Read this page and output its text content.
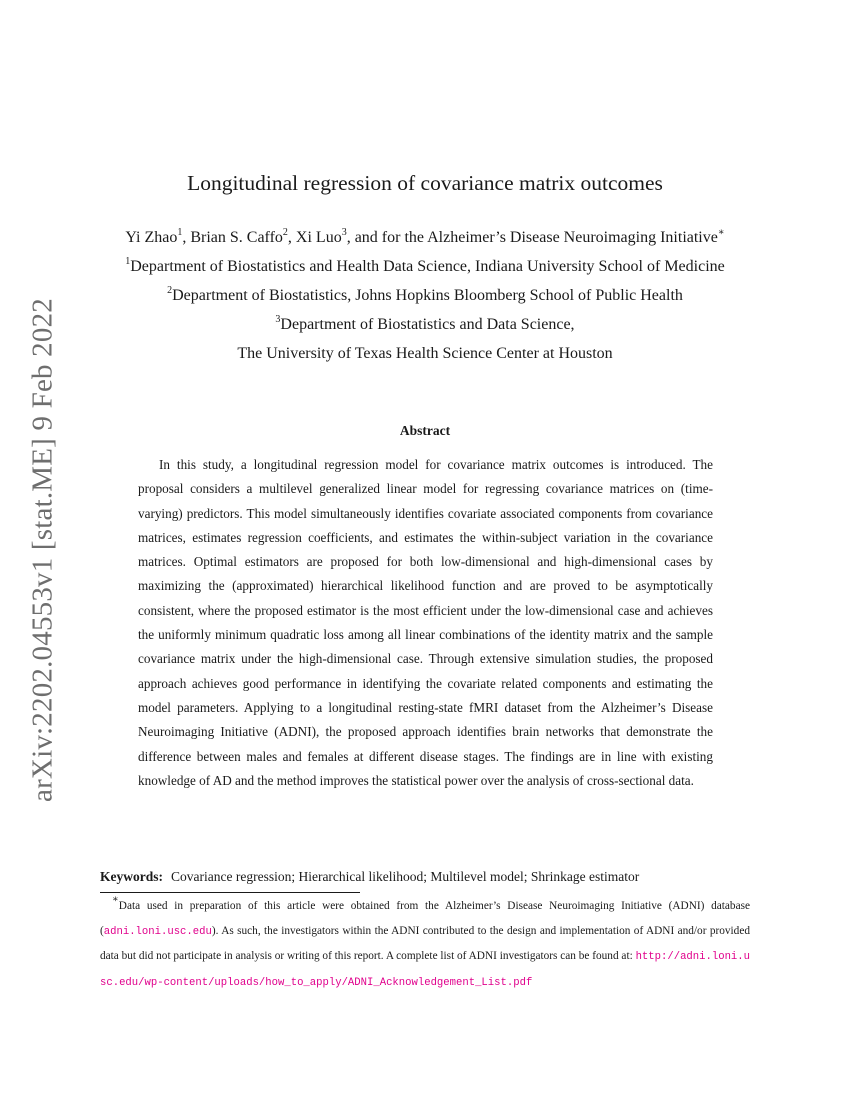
arXiv:2202.04553v1 [stat.ME] 9 Feb 2022
Longitudinal regression of covariance matrix outcomes
Yi Zhao$^1$, Brian S. Caffo$^2$, Xi Luo$^3$, and for the Alzheimer’s Disease Neuroimaging Initiative∗
$^1$Department of Biostatistics and Health Data Science, Indiana University School of Medicine
$^2$Department of Biostatistics, Johns Hopkins Bloomberg School of Public Health
$^3$Department of Biostatistics and Data Science,
The University of Texas Health Science Center at Houston
Abstract

In this study, a longitudinal regression model for covariance matrix outcomes is introduced. The proposal considers a multilevel generalized linear model for regressing covariance matrices on (time-varying) predictors. This model simultaneously identifies covariate associated components from covariance matrices, estimates regression coefficients, and estimates the within-subject variation in the covariance matrices. Optimal estimators are proposed for both low-dimensional and high-dimensional cases by maximizing the (approximated) hierarchical likelihood function and are proved to be asymptotically consistent, where the proposed estimator is the most efficient under the low-dimensional case and achieves the uniformly minimum quadratic loss among all linear combinations of the identity matrix and the sample covariance matrix under the high-dimensional case. Through extensive simulation studies, the proposed approach achieves good performance in identifying the covariate related components and estimating the model parameters. Applying to a longitudinal resting-state fMRI dataset from the Alzheimer’s Disease Neuroimaging Initiative (ADNI), the proposed approach identifies brain networks that demonstrate the difference between males and females at different disease stages. The findings are in line with existing knowledge of AD and the method improves the statistical power over the analysis of cross-sectional data.

Keywords: Covariance regression; Hierarchical likelihood; Multilevel model; Shrinkage estimator

∗Data used in preparation of this article were obtained from the Alzheimer’s Disease Neuroimaging Initiative (ADNI) database (adni.loni.usc.edu). As such, the investigators within the ADNI contributed to the design and implementation of ADNI and/or provided data but did not participate in analysis or writing of this report. A complete list of ADNI investigators can be found at: http://adni.loni.usc.edu/wp-content/uploads/how_to_apply/ADNI_Acknowledgement_List.pdf
